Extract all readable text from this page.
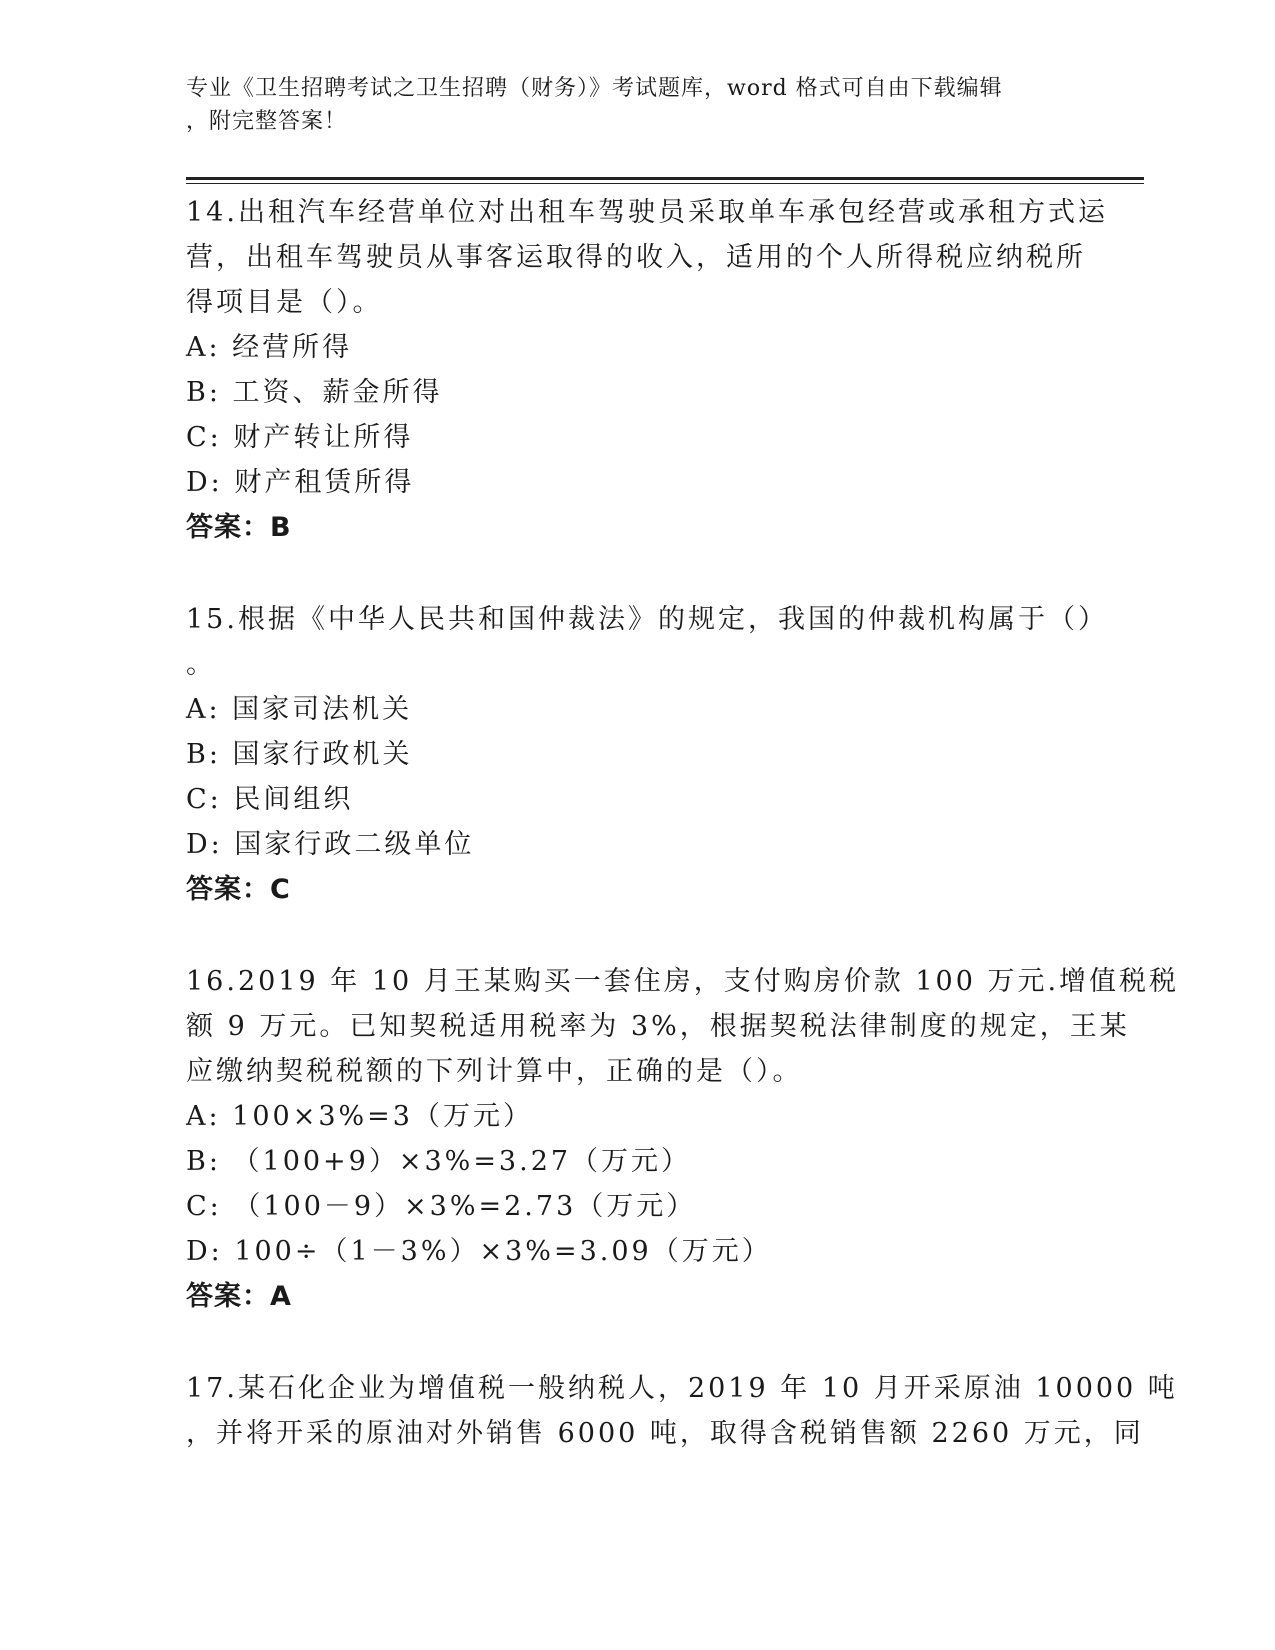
专业《卫生招聘考试之卫生招聘（财务）》考试题库，word 格式可自由下载编辑
，附完整答案！
14.出租汽车经营单位对出租车驾驶员采取单车承包经营或承租方式运
营，出租车驾驶员从事客运取得的收入，适用的个人所得税应纳税所
得项目是（）。
A: 经营所得
B: 工资、薪金所得
C: 财产转让所得
D: 财产租赁所得
答案：B
15.根据《中华人民共和国仲裁法》的规定，我国的仲裁机构属于（）
。
A: 国家司法机关
B: 国家行政机关
C: 民间组织
D: 国家行政二级单位
答案：C
16.2019 年 10 月王某购买一套住房，支付购房价款 100 万元.增值税税
额 9 万元。已知契税适用税率为 3%，根据契税法律制度的规定，王某
应缴纳契税税额的下列计算中，正确的是（）。
A: 100×3%=3（万元）
B: （100+9）×3%=3.27（万元）
C: （100－9）×3%=2.73（万元）
D: 100÷（1－3%）×3%=3.09（万元）
答案：A
17.某石化企业为增值税一般纳税人，2019 年 10 月开采原油 10000 吨
，并将开采的原油对外销售 6000 吨，取得含税销售额 2260 万元，同
